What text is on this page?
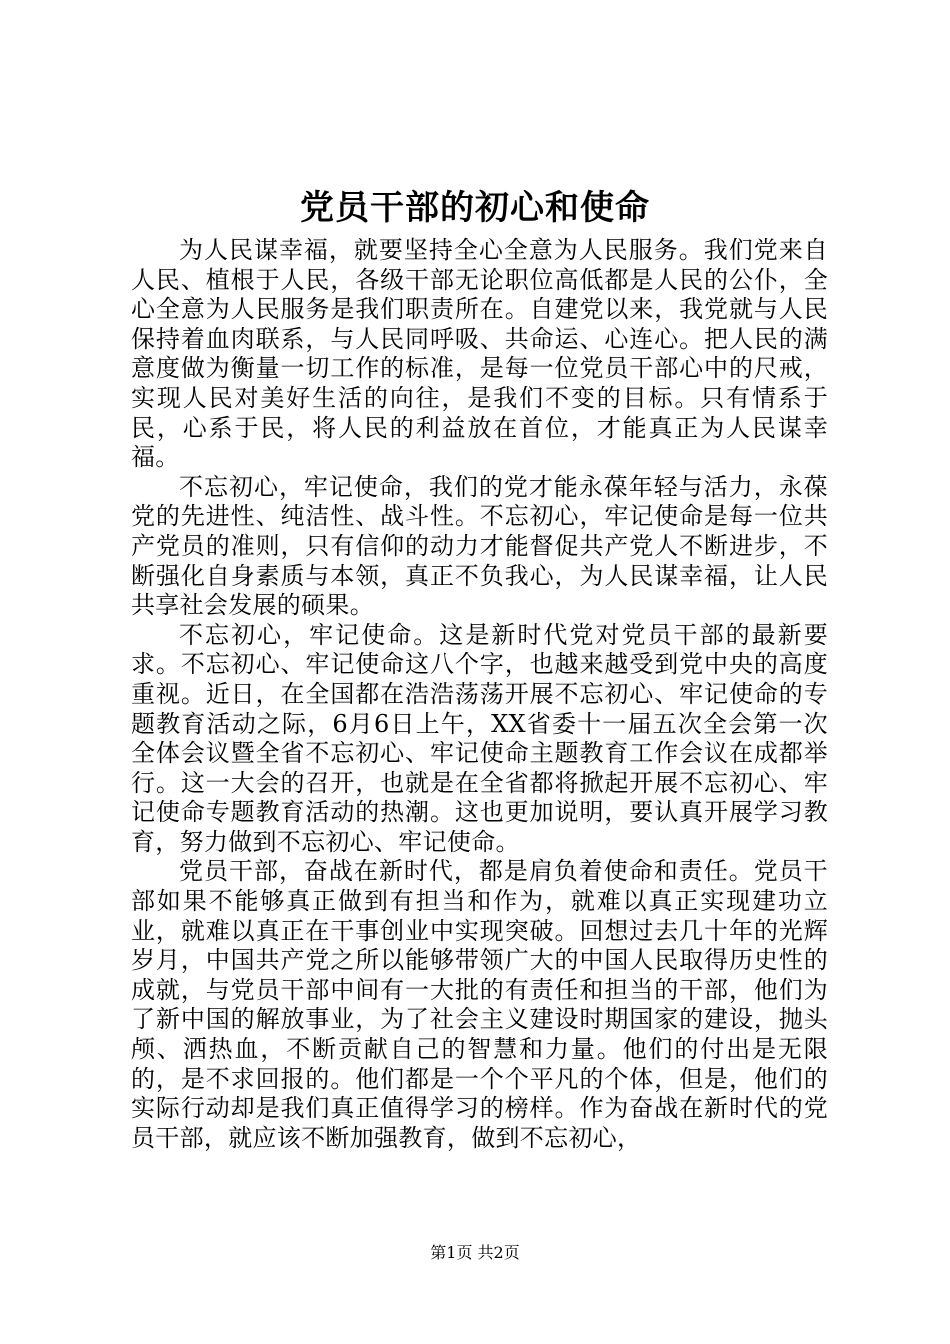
党员干部的初心和使命

为人民谋幸福，就要坚持全心全意为人民服务。我们党来自人民、植根于人民，各级干部无论职位高低都是人民的公仆，全心全意为人民服务是我们职责所在。自建党以来，我党就与人民保持着血肉联系，与人民同呼吸、共命运、心连心。把人民的满意度做为衡量一切工作的标准，是每一位党员干部心中的尺戒，实现人民对美好生活的向往，是我们不变的目标。只有情系于民，心系于民，将人民的利益放在首位，才能真正为人民谋幸福。

不忘初心，牢记使命，我们的党才能永葆年轻与活力，永葆党的先进性、纯洁性、战斗性。不忘初心，牢记使命是每一位共产党员的准则，只有信仰的动力才能督促共产党人不断进步，不断强化自身素质与本领，真正不负我心，为人民谋幸福，让人民共享社会发展的硕果。

不忘初心，牢记使命。这是新时代党对党员干部的最新要求。不忘初心、牢记使命这八个字，也越来越受到党中央的高度重视。近日，在全国都在浩浩荡荡开展不忘初心、牢记使命的专题教育活动之际，6月6日上午，XX省委十一届五次全会第一次全体会议暨全省不忘初心、牢记使命主题教育工作会议在成都举行。这一大会的召开，也就是在全省都将掀起开展不忘初心、牢记使命专题教育活动的热潮。这也更加说明，要认真开展学习教育，努力做到不忘初心、牢记使命。

党员干部，奋战在新时代，都是肩负着使命和责任。党员干部如果不能够真正做到有担当和作为，就难以真正实现建功立业，就难以真正在干事创业中实现突破。回想过去几十年的光辉岁月，中国共产党之所以能够带领广大的中国人民取得历史性的成就，与党员干部中间有一大批的有责任和担当的干部，他们为了新中国的解放事业，为了社会主义建设时期国家的建设，抛头颅、洒热血，不断贡献自己的智慧和力量。他们的付出是无限的，是不求回报的。他们都是一个个平凡的个体，但是，他们的实际行动却是我们真正值得学习的榜样。作为奋战在新时代的党员干部，就应该不断加强教育，做到不忘初心，

第1页 共2页
